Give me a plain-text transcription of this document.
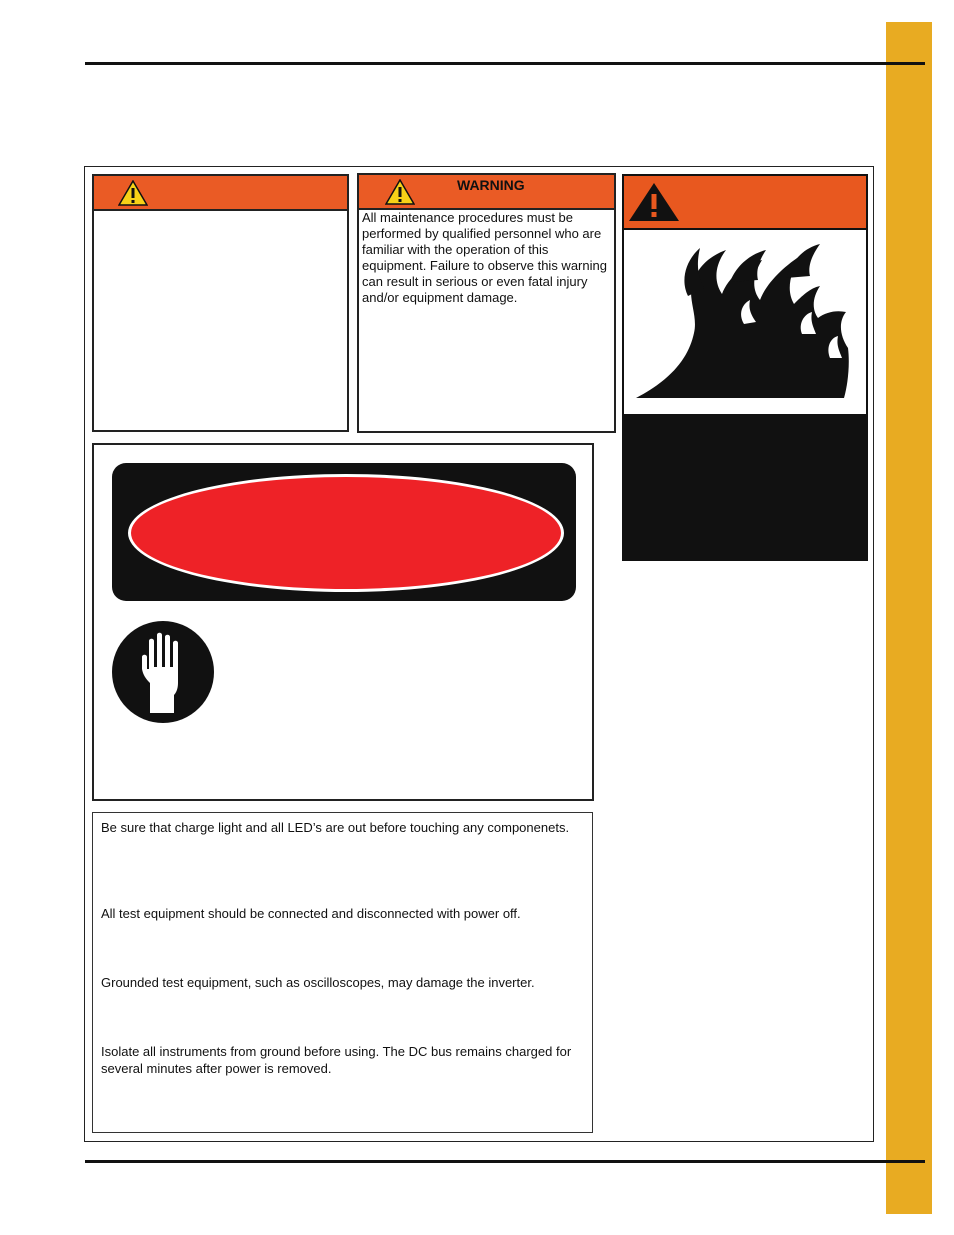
WARNING
All maintenance procedures must be performed by qualified personnel who are familiar with the operation of this equipment. Failure to observe this warning can result in serious or even fatal injury and/or equipment damage.
Be sure that charge light and all LED’s are out before touching any componenets.
All test equipment should be connected and disconnected with power off.
Grounded test equipment, such as oscilloscopes, may damage the inverter.
Isolate all instruments from ground before using. The DC bus remains charged for several minutes after power is removed.
